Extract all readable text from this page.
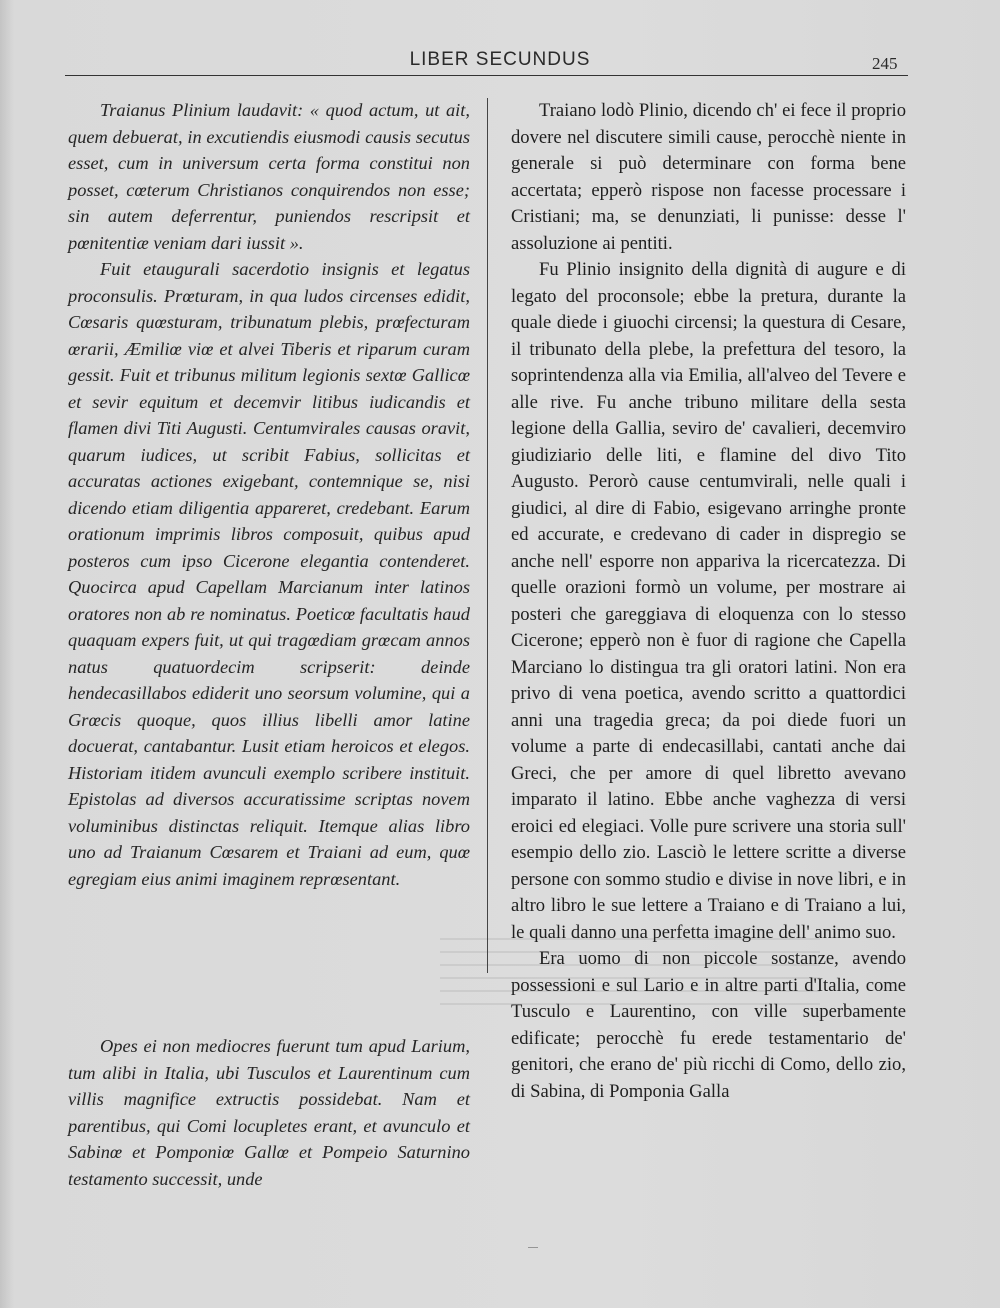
LIBER SECUNDUS	245

Traianus Plinium laudavit: « quod actum, ut ait, quem debuerat, in excutiendis eiusmodi causis secutus esset, cum in universum certa forma constitui non posset, cœterum Christianos conquirendos non esse; sin autem deferrentur, puniendos rescripsit et pœnitentiæ veniam dari iussit ».

Fuit etaugurali sacerdotio insignis et legatus proconsulis. Prœturam, in qua ludos circenses edidit, Cœsaris quœsturam, tribunatum plebis, prœfecturam œrarii, Æmiliœ viœ et alvei Tiberis et riparum curam gessit. Fuit et tribunus militum legionis sextœ Gallicœ et sevir equitum et decemvir litibus iudicandis et flamen divi Titi Augusti. Centumvirales causas oravit, quarum iudices, ut scribit Fabius, sollicitas et accuratas actiones exigebant, contemnique se, nisi dicendo etiam diligentia appareret, credebant. Earum orationum imprimis libros composuit, quibus apud posteros cum ipso Cicerone elegantia contenderet. Quocirca apud Capellam Marcianum inter latinos oratores non ab re nominatus. Poeticœ facultatis haud quaquam expers fuit, ut qui tragœdiam grœcam annos natus quatuordecim scripserit: deinde hendecasillabos ediderit uno seorsum volumine, qui a Grœcis quoque, quos illius libelli amor latine docuerat, cantabantur. Lusit etiam heroicos et elegos. Historiam itidem avunculi exemplo scribere instituit. Epistolas ad diversos accuratissime scriptas novem voluminibus distinctas reliquit. Itemque alias libro uno ad Traianum Cœsarem et Traiani ad eum, quœ egregiam eius animi imaginem reprœsentant.

Opes ei non mediocres fuerunt tum apud Larium, tum alibi in Italia, ubi Tusculos et Laurentinum cum villis magnifice extructis possidebat. Nam et parentibus, qui Comi locupletes erant, et avunculo et Sabinœ et Pomponiœ Gallœ et Pompeio Saturnino testamento successit, unde

Traiano lodò Plinio, dicendo ch' ei fece il proprio dovere nel discutere simili cause, perocchè niente in generale si può determinare con forma bene accertata; epperò rispose non facesse processare i Cristiani; ma, se denunziati, li punisse: desse l' assoluzione ai pentiti.

Fu Plinio insignito della dignità di augure e di legato del proconsole; ebbe la pretura, durante la quale diede i giuochi circensi; la questura di Cesare, il tribunato della plebe, la prefettura del tesoro, la soprintendenza alla via Emilia, all'alveo del Tevere e alle rive. Fu anche tribuno militare della sesta legione della Gallia, seviro de' cavalieri, decemviro giudiziario delle liti, e flamine del divo Tito Augusto. Perorò cause centumvirali, nelle quali i giudici, al dire di Fabio, esigevano arringhe pronte ed accurate, e credevano di cader in dispregio se anche nell' esporre non appariva la ricercatezza. Di quelle orazioni formò un volume, per mostrare ai posteri che gareggiava di eloquenza con lo stesso Cicerone; epperò non è fuor di ragione che Capella Marciano lo distingua tra gli oratori latini. Non era privo di vena poetica, avendo scritto a quattordici anni una tragedia greca; da poi diede fuori un volume a parte di endecasillabi, cantati anche dai Greci, che per amore di quel libretto avevano imparato il latino. Ebbe anche vaghezza di versi eroici ed elegiaci. Volle pure scrivere una storia sull' esempio dello zio. Lasciò le lettere scritte a diverse persone con sommo studio e divise in nove libri, e in altro libro le sue lettere a Traiano e di Traiano a lui, le quali danno una perfetta imagine dell' animo suo.

Era uomo di non piccole sostanze, avendo possessioni e sul Lario e in altre parti d'Italia, come Tusculo e Laurentino, con ville superbamente edificate; perocchè fu erede testamentario de' genitori, che erano de' più ricchi di Como, dello zio, di Sabina, di Pomponia Galla
